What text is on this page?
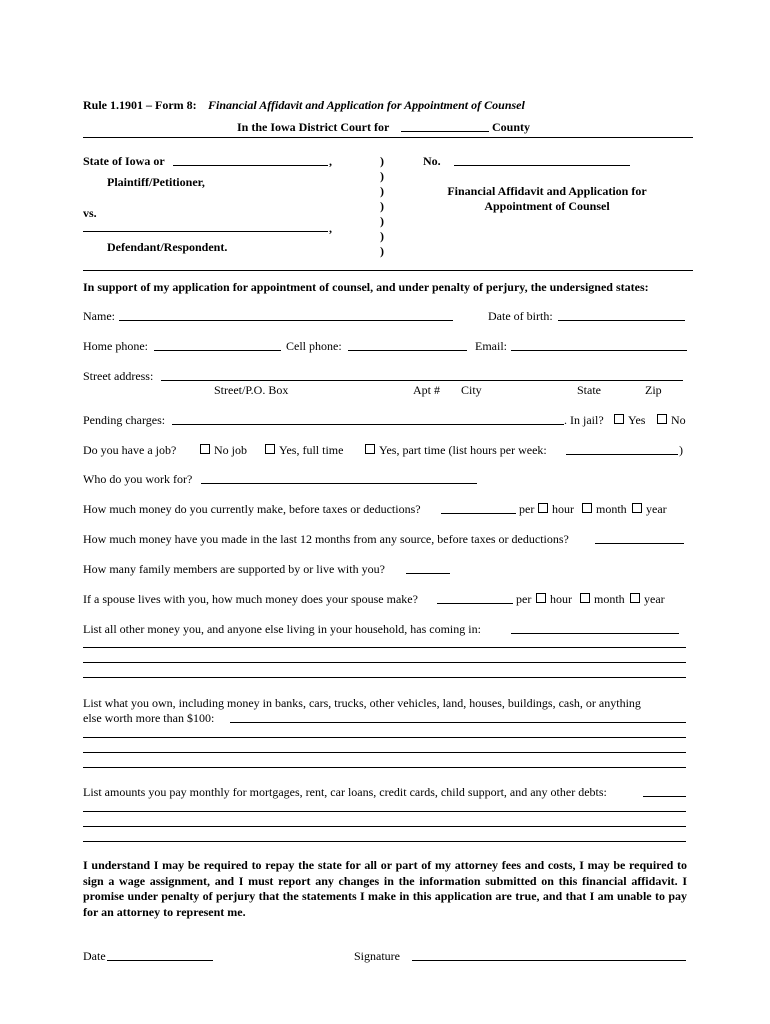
Rule 1.1901 – Form 8: Financial Affidavit and Application for Appointment of Counsel
In the Iowa District Court for	County
State of Iowa or	,
Plaintiff/Petitioner,
vs.
,
Defendant/Respondent.
)
)
)
)
)
)
)
No.
Financial Affidavit and Application for
Appointment of Counsel
In support of my application for appointment of counsel, and under penalty of perjury, the undersigned states:
Name:	Date of birth:
Home phone:	Cell phone:	Email:
Street address:
Street/P.O. Box	Apt # City	State	Zip
Pending charges:	. In jail?	Yes	No
Do you have a job?	No job	Yes, full time	Yes, part time (list hours per week:	)
Who do you work for?
How much money do you currently make, before taxes or deductions?	per	hour	month	year
How much money have you made in the last 12 months from any source, before taxes or deductions?
How many family members are supported by or live with you?
If a spouse lives with you, how much money does your spouse make?	per	hour	month	year
List all other money you, and anyone else living in your household, has coming in:
List what you own, including money in banks, cars, trucks, other vehicles, land, houses, buildings, cash, or anything
else worth more than $100:
List amounts you pay monthly for mortgages, rent, car loans, credit cards, child support, and any other debts:
I understand I may be required to repay the state for all or part of my attorney fees and costs, I may be required to sign a wage assignment, and I must report any changes in the information submitted on this financial affidavit. I promise under penalty of perjury that the statements I make in this application are true, and that I am unable to pay for an attorney to represent me.
Date	Signature
